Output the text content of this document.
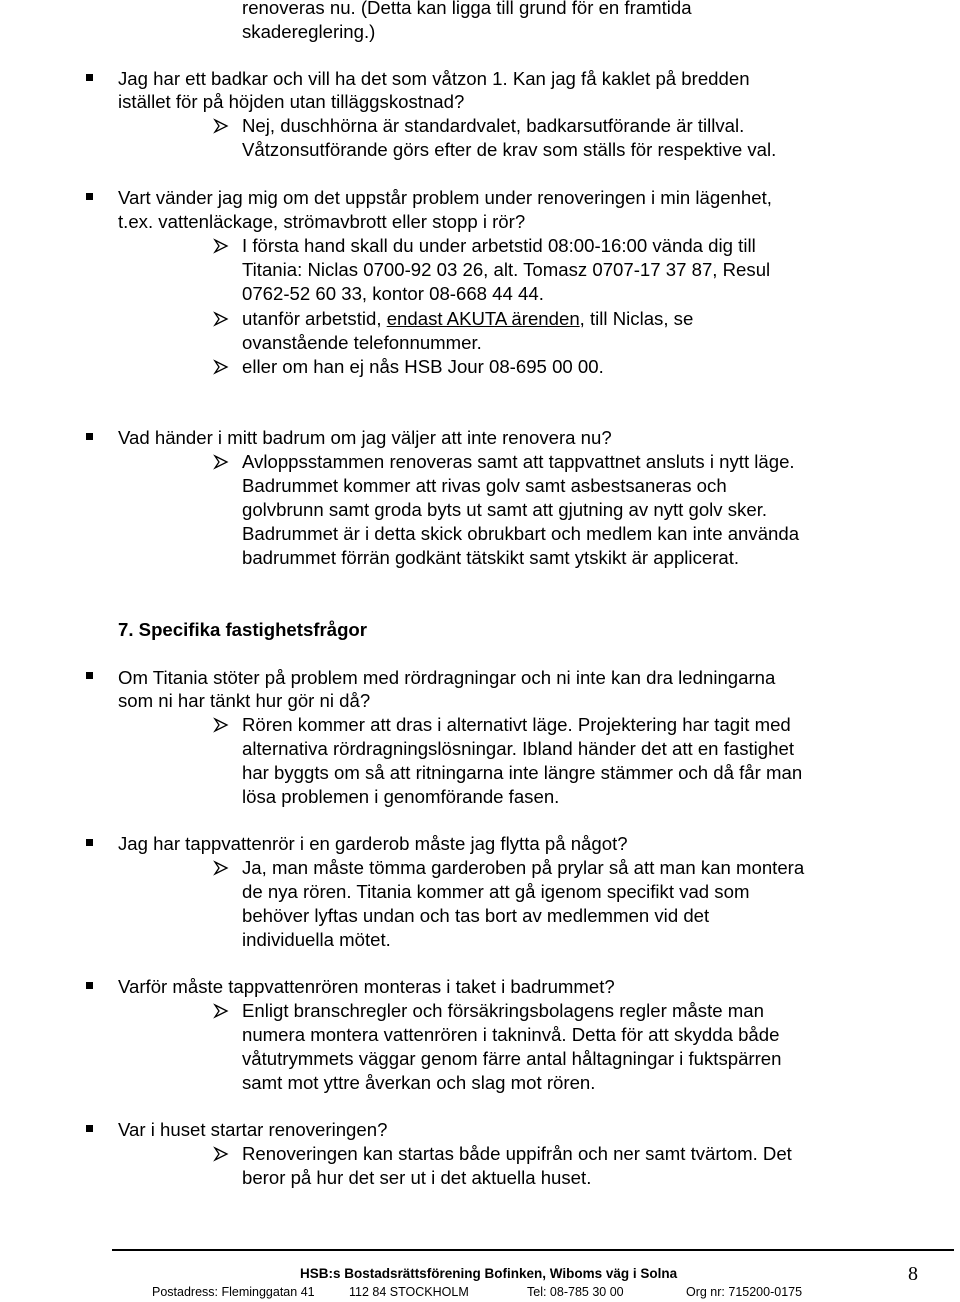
renoveras nu. (Detta kan ligga till grund för en framtida

skadereglering.)

Jag har ett badkar och vill ha det som våtzon 1. Kan jag få kaklet på bredden

istället för på höjden utan tilläggskostnad?

Nej, duschhörna är standardvalet, badkarsutförande är tillval.

Våtzonsutförande görs efter de krav som ställs för respektive val.

Vart vänder jag mig om det uppstår problem under renoveringen i min lägenhet,

t.ex. vattenläckage, strömavbrott eller stopp i rör?

I första hand skall du under arbetstid 08:00-16:00 vända dig till

Titania: Niclas 0700-92 03 26, alt. Tomasz 0707-17 37 87, Resul

0762-52 60 33, kontor 08-668 44 44.

utanför arbetstid, endast AKUTA ärenden, till Niclas, se

ovanstående telefonnummer.

eller om han ej nås HSB Jour 08-695 00 00.

Vad händer i mitt badrum om jag väljer att inte renovera nu?

Avloppsstammen renoveras samt att tappvattnet ansluts i nytt läge.

Badrummet kommer att rivas golv samt asbestsaneras och

golvbrunn samt groda byts ut samt att gjutning av nytt golv sker.

Badrummet är i detta skick obrukbart och medlem kan inte använda

badrummet förrän godkänt tätskikt samt ytskikt är applicerat.

7. Specifika fastighetsfrågor

Om Titania stöter på problem med rördragningar och ni inte kan dra ledningarna

som ni har tänkt hur gör ni då?

Rören kommer att dras i alternativt läge. Projektering har tagit med

alternativa rördragningslösningar. Ibland händer det att en fastighet

har byggts om så att ritningarna inte längre stämmer och då får man

lösa problemen i genomförande fasen.

Jag har tappvattenrör i en garderob måste jag flytta på något?

Ja, man måste tömma garderoben på prylar så att man kan montera

de nya rören. Titania kommer att gå igenom specifikt vad som

behöver lyftas undan och tas bort av medlemmen vid det

individuella mötet.

Varför måste tappvattenrören monteras i taket i badrummet?

Enligt branschregler och försäkringsbolagens regler måste man

numera montera vattenrören i takninvå. Detta för att skydda både

våtutrymmets väggar genom färre antal håltagningar i fuktspärren

samt mot yttre åverkan och slag mot rören.

Var i huset startar renoveringen?

Renoveringen kan startas både uppifrån och ner samt tvärtom. Det

beror på hur det ser ut i det aktuella huset.

HSB:s Bostadsrättsförening Bofinken, Wiboms väg i Solna
Postadress: Fleminggatan 41	112 84 STOCKHOLM	Tel: 08-785 30 00	Org nr: 715200-0175
8
